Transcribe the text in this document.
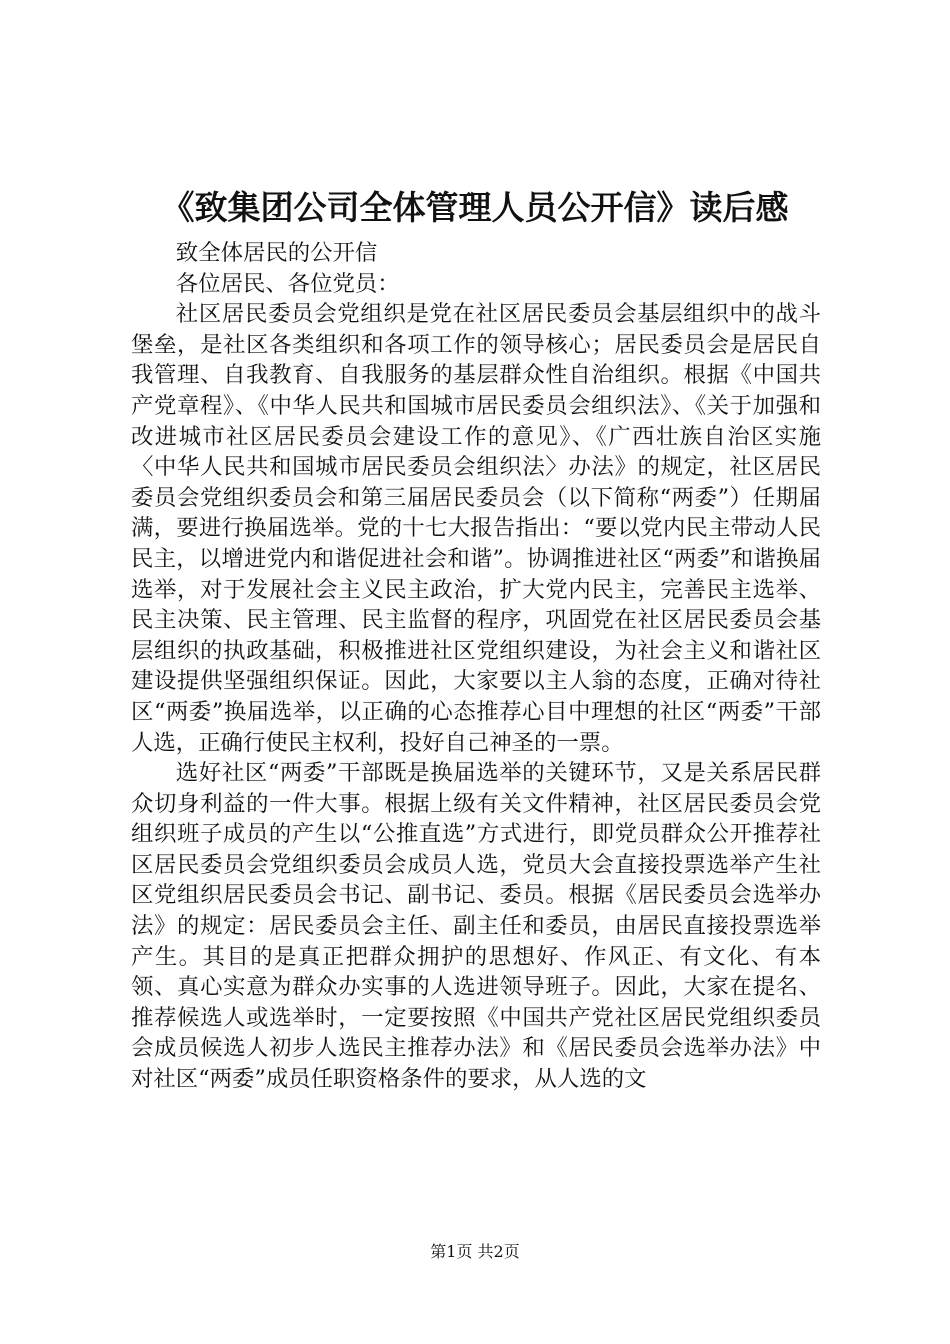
《致集团公司全体管理人员公开信》读后感

致全体居民的公开信

各位居民、各位党员：

社区居民委员会党组织是党在社区居民委员会基层组织中的战斗堡垒，是社区各类组织和各项工作的领导核心；居民委员会是居民自我管理、自我教育、自我服务的基层群众性自治组织。根据《中国共产党章程》、《中华人民共和国城市居民委员会组织法》、《关于加强和改进城市社区居民委员会建设工作的意见》、《广西壮族自治区实施〈中华人民共和国城市居民委员会组织法〉办法》的规定，社区居民委员会党组织委员会和第三届居民委员会（以下简称“两委”）任期届满，要进行换届选举。党的十七大报告指出：“要以党内民主带动人民民主，以增进党内和谐促进社会和谐”。协调推进社区“两委”和谐换届选举，对于发展社会主义民主政治，扩大党内民主，完善民主选举、民主决策、民主管理、民主监督的程序，巩固党在社区居民委员会基层组织的执政基础，积极推进社区党组织建设，为社会主义和谐社区建设提供坚强组织保证。因此，大家要以主人翁的态度，正确对待社区“两委”换届选举，以正确的心态推荐心目中理想的社区“两委”干部人选，正确行使民主权利，投好自己神圣的一票。

选好社区“两委”干部既是换届选举的关键环节，又是关系居民群众切身利益的一件大事。根据上级有关文件精神，社区居民委员会党组织班子成员的产生以“公推直选”方式进行，即党员群众公开推荐社区居民委员会党组织委员会成员人选，党员大会直接投票选举产生社区党组织居民委员会书记、副书记、委员。根据《居民委员会选举办法》的规定：居民委员会主任、副主任和委员，由居民直接投票选举产生。其目的是真正把群众拥护的思想好、作风正、有文化、有本领、真心实意为群众办实事的人选进领导班子。因此，大家在提名、推荐候选人或选举时，一定要按照《中国共产党社区居民党组织委员会成员候选人初步人选民主推荐办法》和《居民委员会选举办法》中对社区“两委”成员任职资格条件的要求，从人选的文

第1页 共2页
